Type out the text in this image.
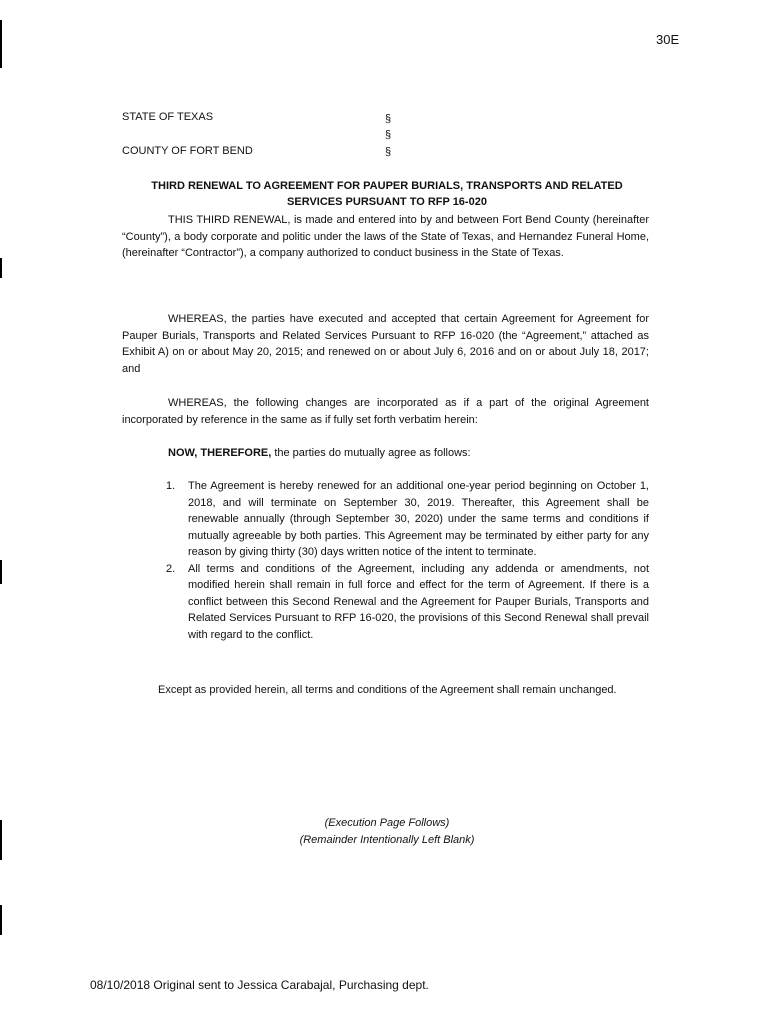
30E
STATE OF TEXAS
COUNTY OF FORT BEND
§
§
§
THIRD RENEWAL TO AGREEMENT FOR PAUPER BURIALS, TRANSPORTS AND RELATED
SERVICES PURSUANT TO RFP 16-020
THIS THIRD RENEWAL, is made and entered into by and between Fort Bend County (hereinafter “County”), a body corporate and politic under the laws of the State of Texas, and Hernandez Funeral Home, (hereinafter “Contractor”), a company authorized to conduct business in the State of Texas.
WHEREAS, the parties have executed and accepted that certain Agreement for Agreement for Pauper Burials, Transports and Related Services Pursuant to RFP 16-020 (the “Agreement,” attached as Exhibit A) on or about May 20, 2015; and renewed on or about July 6, 2016 and on or about July 18, 2017; and
WHEREAS, the following changes are incorporated as if a part of the original Agreement incorporated by reference in the same as if fully set forth verbatim herein:
NOW, THEREFORE, the parties do mutually agree as follows:
1.	The Agreement is hereby renewed for an additional one-year period beginning on October 1, 2018, and will terminate on September 30, 2019. Thereafter, this Agreement shall be renewable annually (through September 30, 2020) under the same terms and conditions if mutually agreeable by both parties. This Agreement may be terminated by either party for any reason by giving thirty (30) days written notice of the intent to terminate.
2.	All terms and conditions of the Agreement, including any addenda or amendments, not modified herein shall remain in full force and effect for the term of Agreement. If there is a conflict between this Second Renewal and the Agreement for Pauper Burials, Transports and Related Services Pursuant to RFP 16-020, the provisions of this Second Renewal shall prevail with regard to the conflict.
Except as provided herein, all terms and conditions of the Agreement shall remain unchanged.
(Execution Page Follows)
(Remainder Intentionally Left Blank)
08/10/2018 Original sent to Jessica Carabajal, Purchasing dept.
